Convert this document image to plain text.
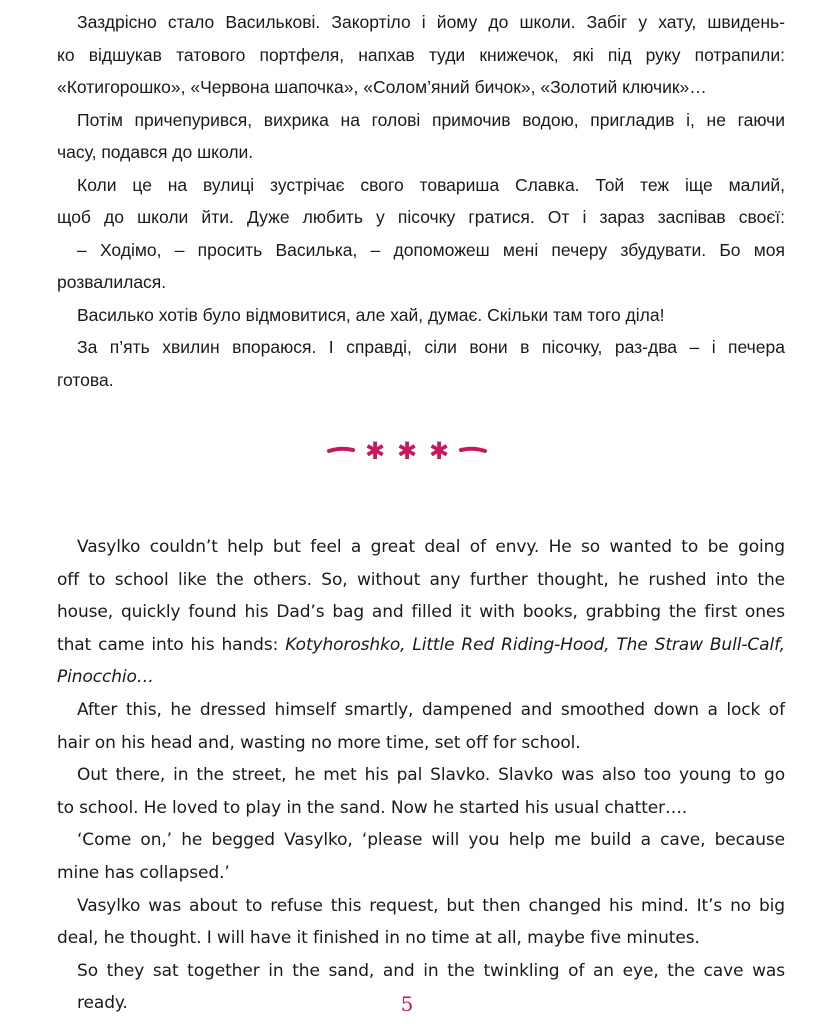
Заздрісно стало Васильковi. Закортiло i йому до школи. Забiг у хату, швидень-
ко вiдшукав татового портфеля, напхав туди книжечок, якi пiд руку потрапили:
«Котигорошко», «Червона шапочка», «Солом’яний бичок», «Золотий ключик»…
Потiм причепурився, вихрика на головi примочив водою, пригладив i, не гаючи
часу, подався до школи.
Коли це на вулицi зустрiчає свого товариша Славка. Той теж iще малий,
щоб до школи йти. Дуже любить у пiсочку гратися. От i зараз заспiвав своєї:
– Ходiмо, – просить Василька, – допоможеш менi печеру збудувати. Бо моя
розвалилася.
Василько хотiв було вiдмовитися, але хай, думає. Скiльки там того дiла!
За п’ять хвилин впораюся. I справдi, сiли вони в пiсочку, раз-два – i печера
готова.
✱ ✱ ✱
Vasylko couldn’t help but feel a great deal of envy. He so wanted to be going
off to school like the others. So, without any further thought, he rushed into the
house, quickly found his Dad’s bag and filled it with books, grabbing the first ones
that came into his hands: Kotyhoroshko, Little Red Riding-Hood, The Straw Bull-Calf,
Pinocchio…
After this, he dressed himself smartly, dampened and smoothed down a lock of
hair on his head and, wasting no more time, set off for school.
Out there, in the street, he met his pal Slavko. Slavko was also too young to go
to school. He loved to play in the sand. Now he started his usual chatter….
‘Come on,’ he begged Vasylko, ‘please will you help me build a cave, because
mine has collapsed.’
Vasylko was about to refuse this request, but then changed his mind. It’s no big
deal, he thought. I will have it finished in no time at all, maybe five minutes.
So they sat together in the sand, and in the twinkling of an eye, the cave was ready.	5
